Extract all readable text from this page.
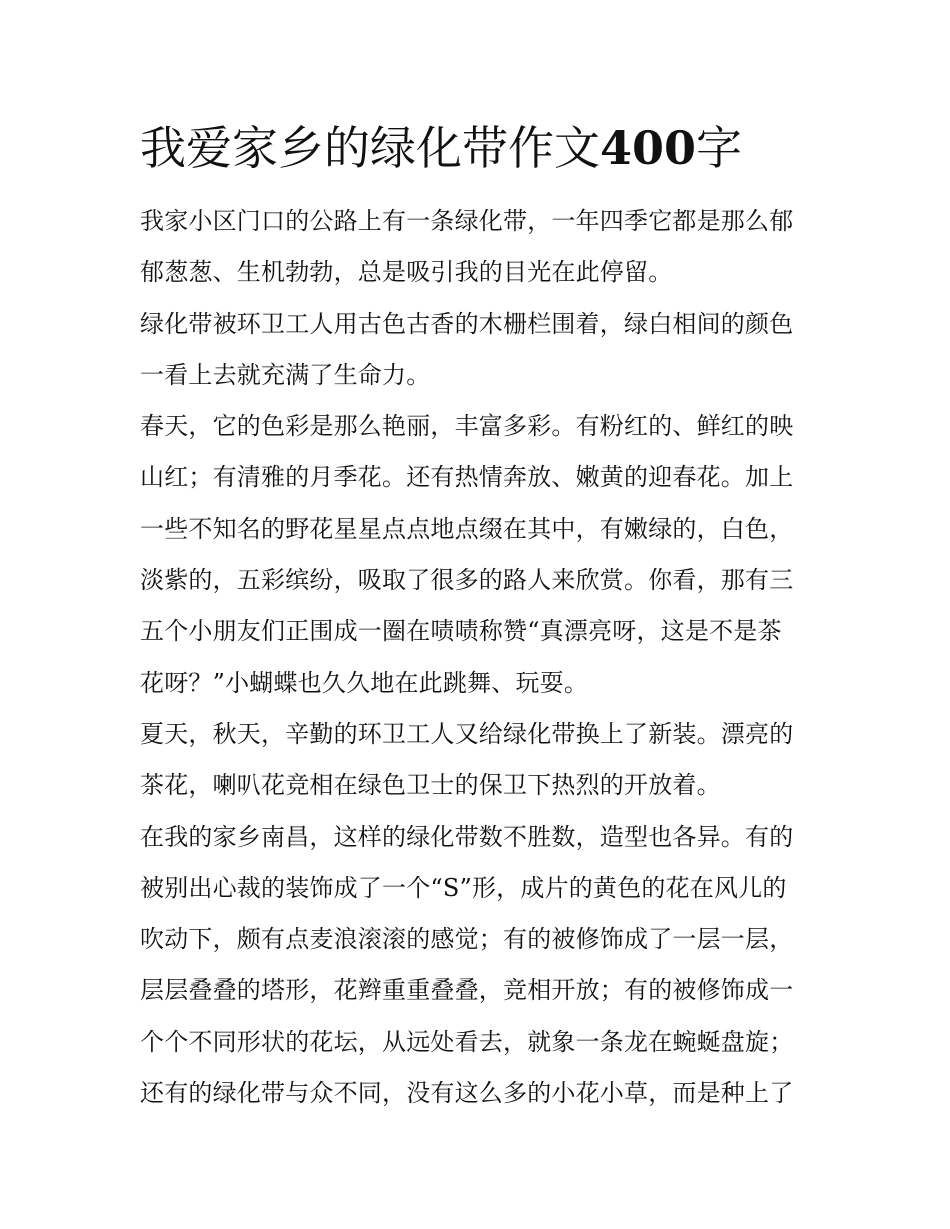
我爱家乡的绿化带作文400字
我家小区门口的公路上有一条绿化带，一年四季它都是那么郁
郁葱葱、生机勃勃，总是吸引我的目光在此停留。
绿化带被环卫工人用古色古香的木栅栏围着，绿白相间的颜色
一看上去就充满了生命力。
春天，它的色彩是那么艳丽，丰富多彩。有粉红的、鲜红的映
山红；有清雅的月季花。还有热情奔放、嫩黄的迎春花。加上
一些不知名的野花星星点点地点缀在其中，有嫩绿的，白色，
淡紫的，五彩缤纷，吸取了很多的路人来欣赏。你看，那有三
五个小朋友们正围成一圈在啧啧称赞“真漂亮呀，这是不是茶
花呀？”小蝴蝶也久久地在此跳舞、玩耍。
夏天，秋天，辛勤的环卫工人又给绿化带换上了新装。漂亮的
茶花，喇叭花竞相在绿色卫士的保卫下热烈的开放着。
在我的家乡南昌，这样的绿化带数不胜数，造型也各异。有的
被别出心裁的装饰成了一个“S”形，成片的黄色的花在风儿的
吹动下，颇有点麦浪滚滚的感觉；有的被修饰成了一层一层，
层层叠叠的塔形，花辫重重叠叠，竞相开放；有的被修饰成一
个个不同形状的花坛，从远处看去，就象一条龙在蜿蜒盘旋；
还有的绿化带与众不同，没有这么多的小花小草，而是种上了
